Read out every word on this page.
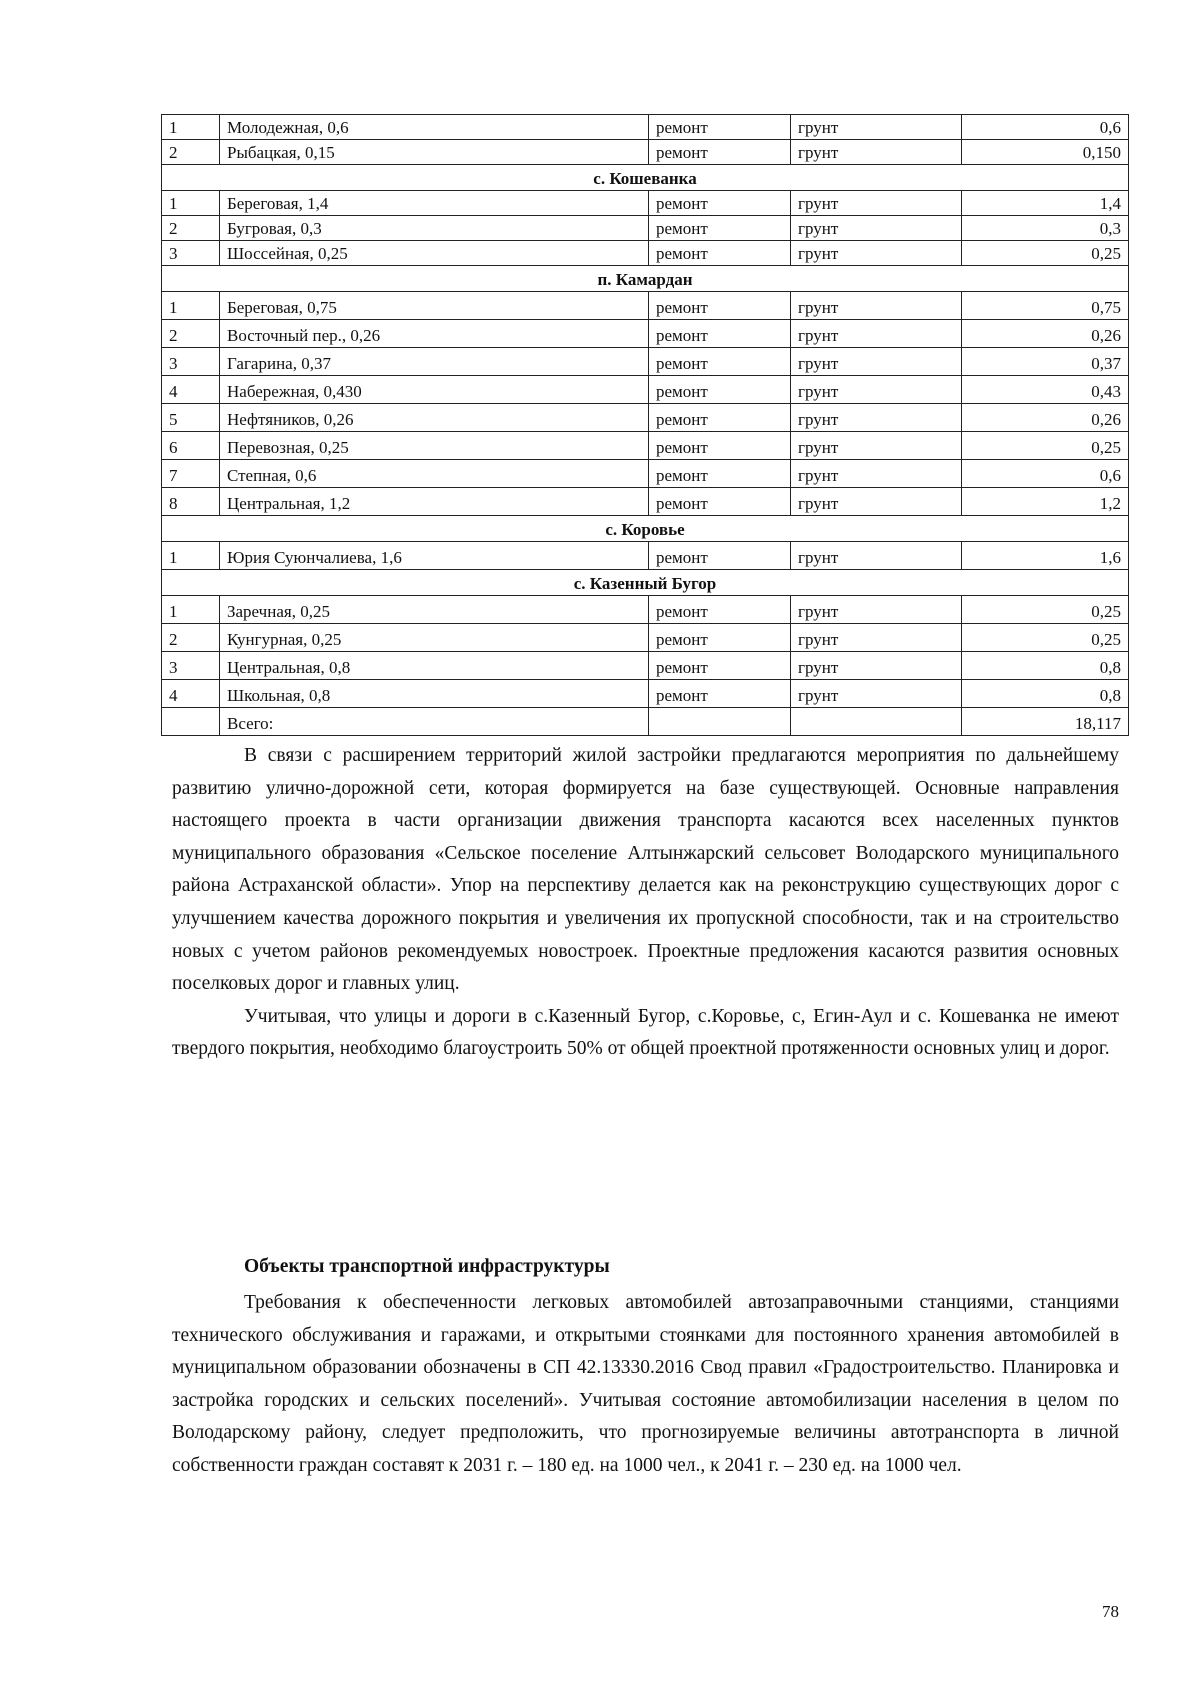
1	Молодежная, 0,6	ремонт	грунт	0,6
2	Рыбацкая, 0,15	ремонт	грунт	0,150
с. Кошеванка				
1	Береговая, 1,4	ремонт	грунт	1,4
2	Бугровая, 0,3	ремонт	грунт	0,3
3	Шоссейная, 0,25	ремонт	грунт	0,25
п. Камардан				
1	Береговая, 0,75	ремонт	грунт	0,75
2	Восточный пер., 0,26	ремонт	грунт	0,26
3	Гагарина, 0,37	ремонт	грунт	0,37
4	Набережная, 0,430	ремонт	грунт	0,43
5	Нефтяников, 0,26	ремонт	грунт	0,26
6	Перевозная, 0,25	ремонт	грунт	0,25
7	Степная, 0,6	ремонт	грунт	0,6
8	Центральная, 1,2	ремонт	грунт	1,2
с. Коровье				
1	Юрия Суюнчалиева, 1,6	ремонт	грунт	1,6
с. Казенный Бугор				
1	Заречная, 0,25	ремонт	грунт	0,25
2	Кунгурная, 0,25	ремонт	грунт	0,25
3	Центральная, 0,8	ремонт	грунт	0,8
4	Школьная, 0,8	ремонт	грунт	0,8
	Всего:			18,117

В связи с расширением территорий жилой застройки предлагаются мероприятия по дальнейшему развитию улично-дорожной сети, которая формируется на базе существующей. Основные направления настоящего проекта в части организации движения транспорта касаются всех населенных пунктов муниципального образования «Сельское поселение Алтынжарский сельсовет Володарского муниципального района Астраханской области». Упор на перспективу делается как на реконструкцию существующих дорог с улучшением качества дорожного покрытия и увеличения их пропускной способности, так и на строительство новых с учетом районов рекомендуемых новостроек. Проектные предложения касаются развития основных поселковых дорог и главных улиц.

Учитывая, что улицы и дороги в с.Казенный Бугор, с.Коровье, с, Егин-Аул и с. Кошеванка не имеют твердого покрытия, необходимо благоустроить 50% от общей проектной протяженности основных улиц и дорог.

Объекты транспортной инфраструктуры

Требования к обеспеченности легковых автомобилей автозаправочными станциями, станциями технического обслуживания и гаражами, и открытыми стоянками для постоянного хранения автомобилей в муниципальном образовании обозначены в СП 42.13330.2016 Свод правил «Градостроительство. Планировка и застройка городских и сельских поселений». Учитывая состояние автомобилизации населения в целом по Володарскому району, следует предположить, что прогнозируемые величины автотранспорта в личной собственности граждан составят к 2031 г. – 180 ед. на 1000 чел., к 2041 г. – 230 ед. на 1000 чел.

78
